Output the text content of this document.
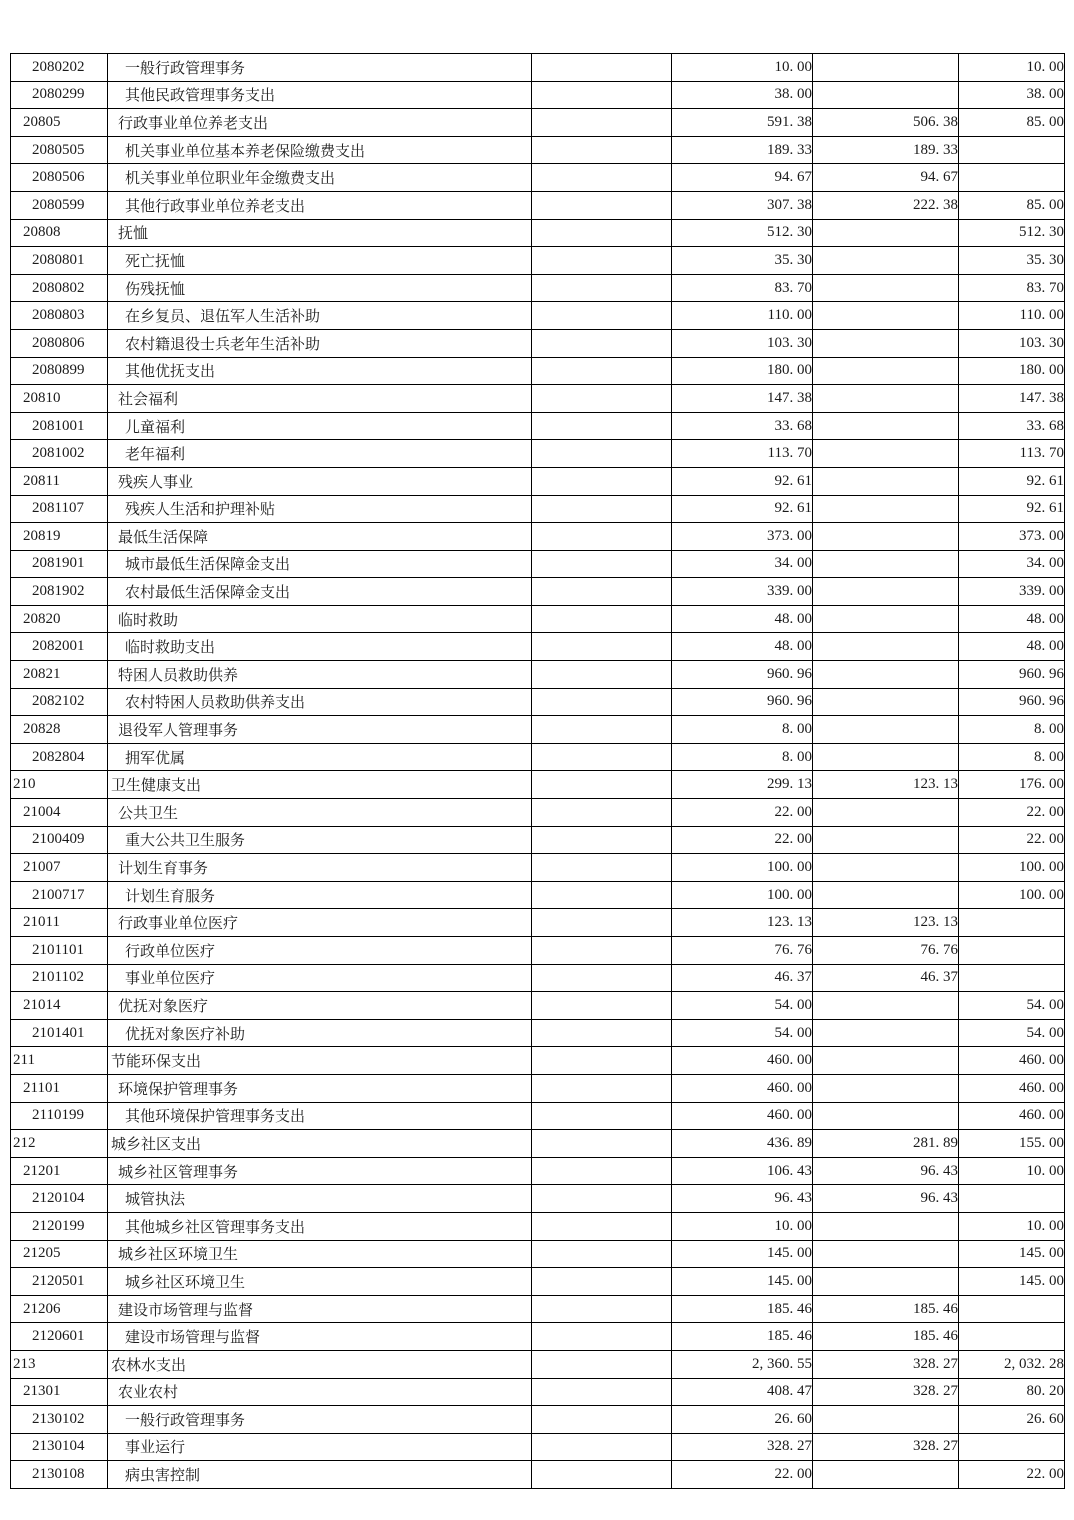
2080202	一般行政管理事务		10. 00		10. 00
2080299	其他民政管理事务支出		38. 00		38. 00
20805	行政事业单位养老支出		591. 38	506. 38	85. 00
2080505	机关事业单位基本养老保险缴费支出		189. 33	189. 33	
2080506	机关事业单位职业年金缴费支出		94. 67	94. 67	
2080599	其他行政事业单位养老支出		307. 38	222. 38	85. 00
20808	抚恤		512. 30		512. 30
2080801	死亡抚恤		35. 30		35. 30
2080802	伤残抚恤		83. 70		83. 70
2080803	在乡复员、退伍军人生活补助		110. 00		110. 00
2080806	农村籍退役士兵老年生活补助		103. 30		103. 30
2080899	其他优抚支出		180. 00		180. 00
20810	社会福利		147. 38		147. 38
2081001	儿童福利		33. 68		33. 68
2081002	老年福利		113. 70		113. 70
20811	残疾人事业		92. 61		92. 61
2081107	残疾人生活和护理补贴		92. 61		92. 61
20819	最低生活保障		373. 00		373. 00
2081901	城市最低生活保障金支出		34. 00		34. 00
2081902	农村最低生活保障金支出		339. 00		339. 00
20820	临时救助		48. 00		48. 00
2082001	临时救助支出		48. 00		48. 00
20821	特困人员救助供养		960. 96		960. 96
2082102	农村特困人员救助供养支出		960. 96		960. 96
20828	退役军人管理事务		8. 00		8. 00
2082804	拥军优属		8. 00		8. 00
210	卫生健康支出		299. 13	123. 13	176. 00
21004	公共卫生		22. 00		22. 00
2100409	重大公共卫生服务		22. 00		22. 00
21007	计划生育事务		100. 00		100. 00
2100717	计划生育服务		100. 00		100. 00
21011	行政事业单位医疗		123. 13	123. 13	
2101101	行政单位医疗		76. 76	76. 76	
2101102	事业单位医疗		46. 37	46. 37	
21014	优抚对象医疗		54. 00		54. 00
2101401	优抚对象医疗补助		54. 00		54. 00
211	节能环保支出		460. 00		460. 00
21101	环境保护管理事务		460. 00		460. 00
2110199	其他环境保护管理事务支出		460. 00		460. 00
212	城乡社区支出		436. 89	281. 89	155. 00
21201	城乡社区管理事务		106. 43	96. 43	10. 00
2120104	城管执法		96. 43	96. 43	
2120199	其他城乡社区管理事务支出		10. 00		10. 00
21205	城乡社区环境卫生		145. 00		145. 00
2120501	城乡社区环境卫生		145. 00		145. 00
21206	建设市场管理与监督		185. 46	185. 46	
2120601	建设市场管理与监督		185. 46	185. 46	
213	农林水支出		2, 360. 55	328. 27	2, 032. 28
21301	农业农村		408. 47	328. 27	80. 20
2130102	一般行政管理事务		26. 60		26. 60
2130104	事业运行		328. 27	328. 27	
2130108	病虫害控制		22. 00		22. 00
